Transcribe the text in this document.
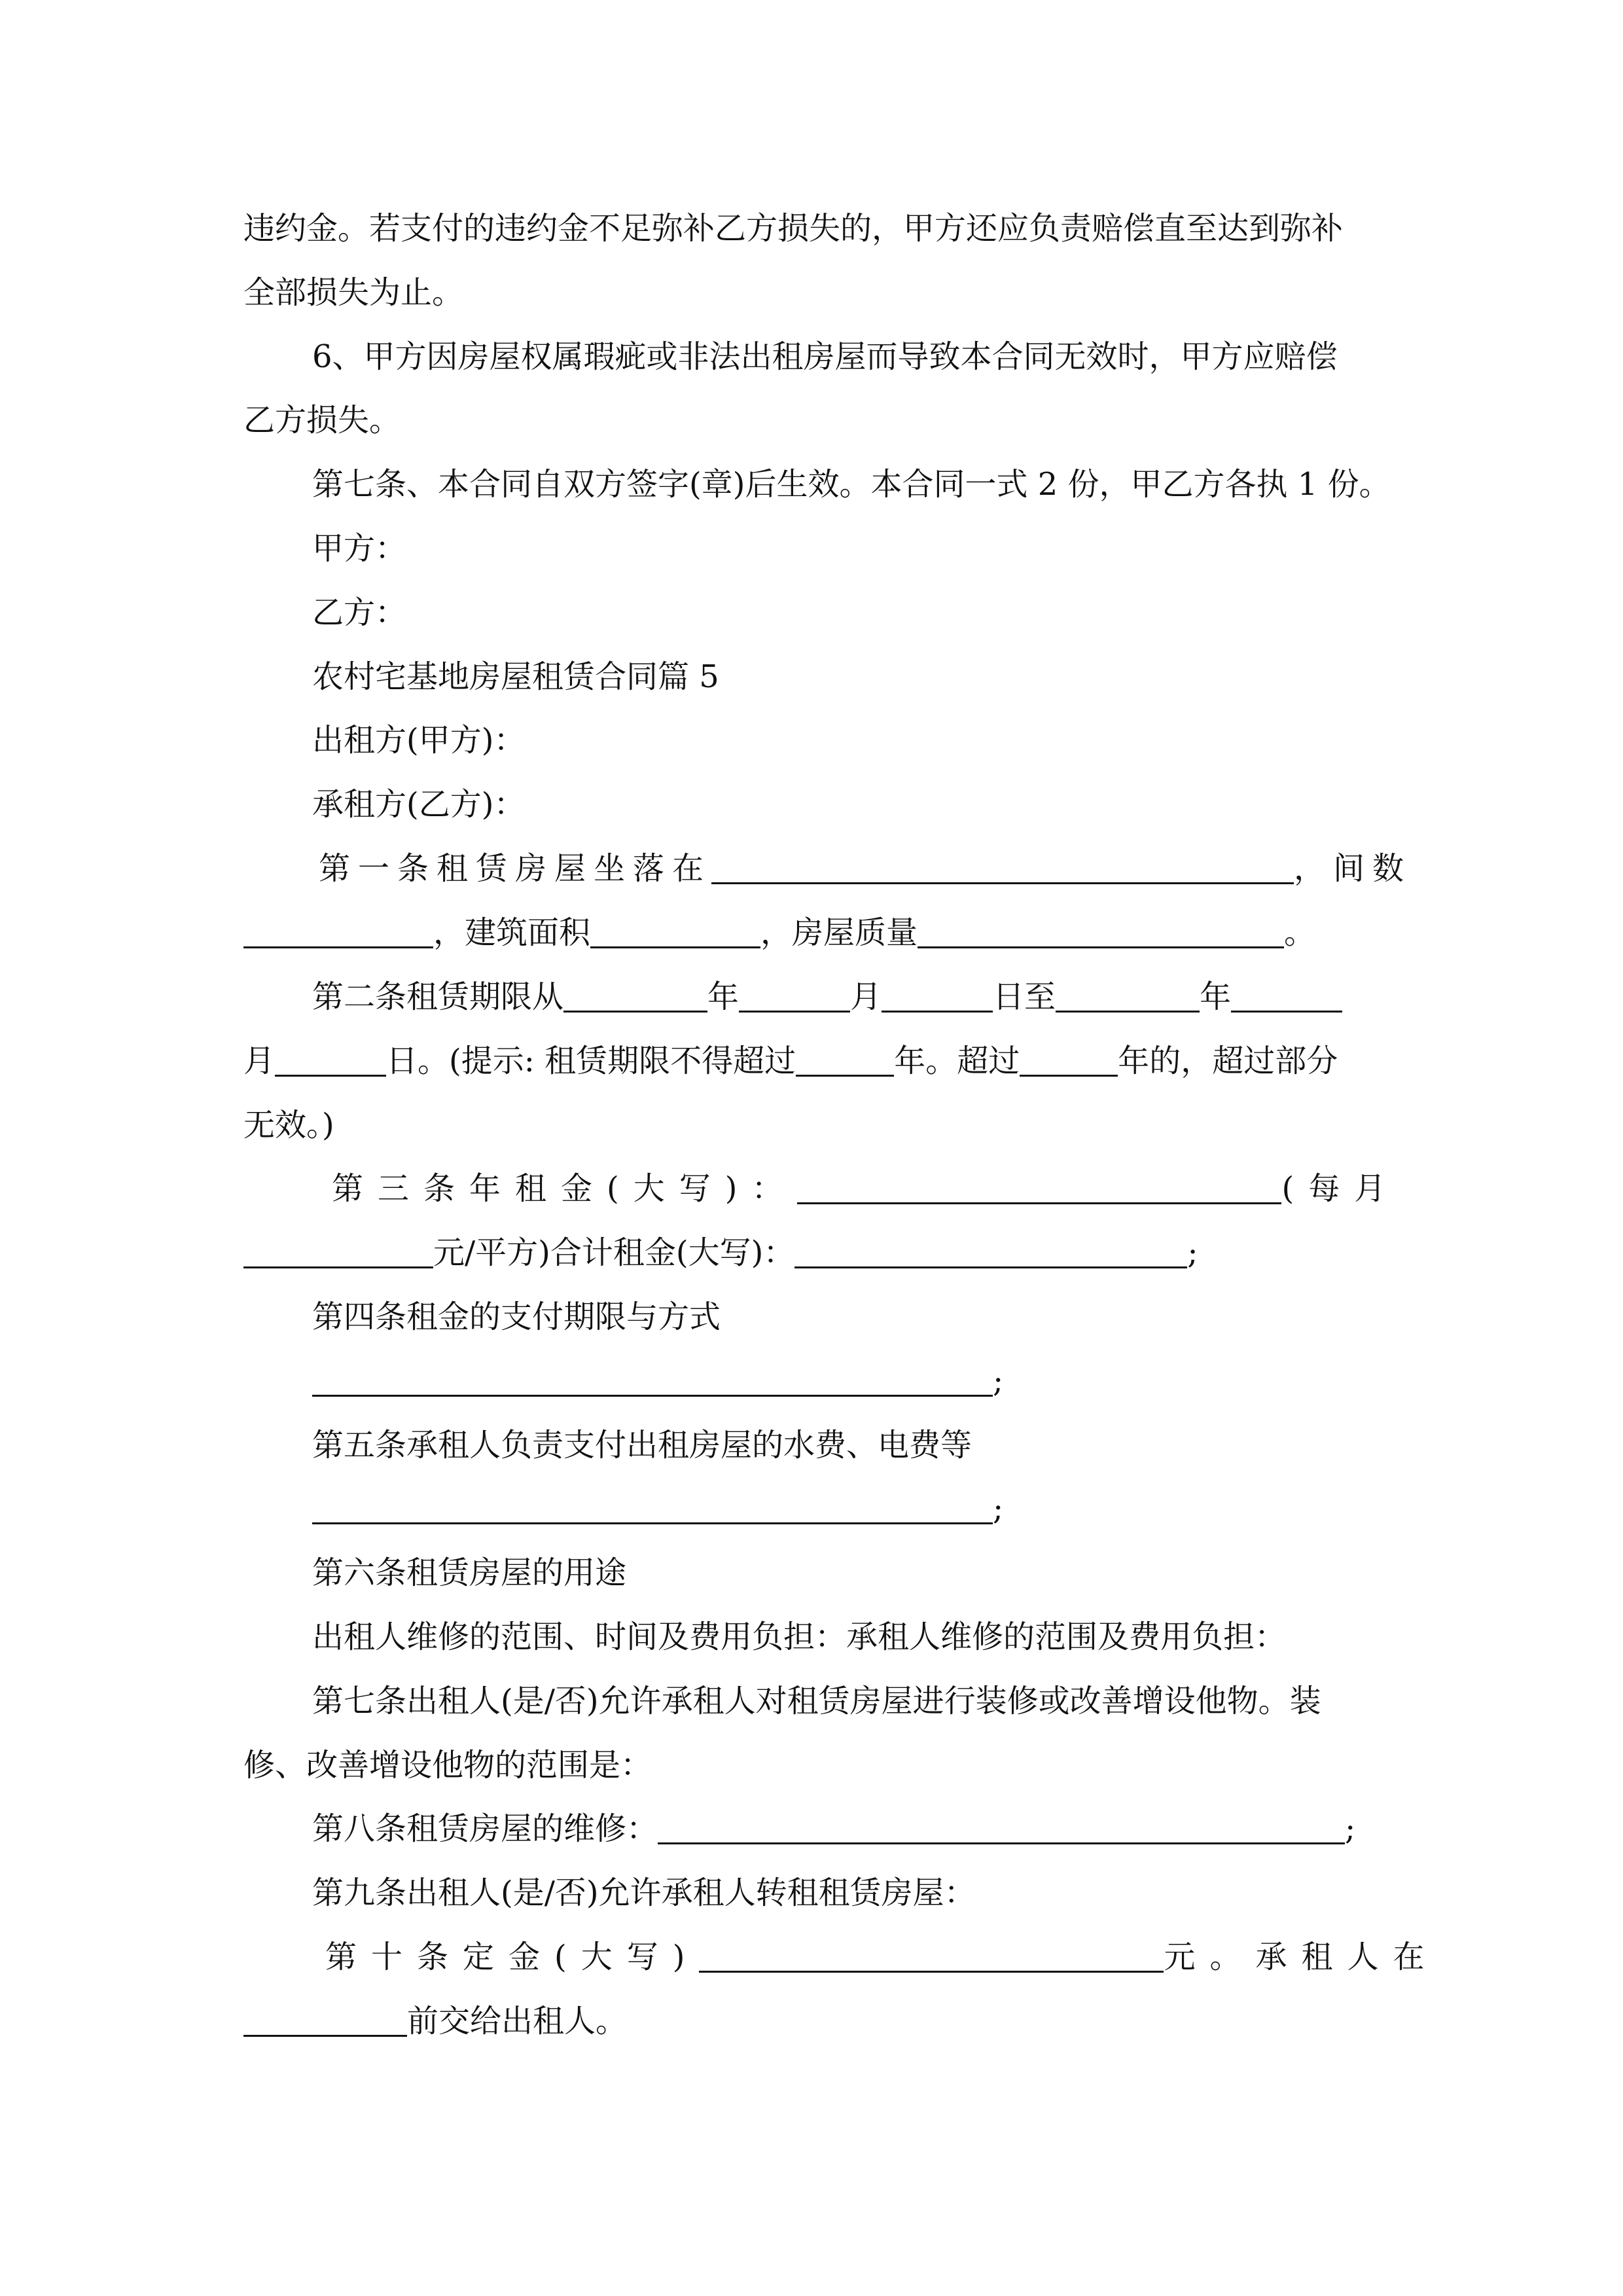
违约金。若支付的违约金不足弥补乙方损失的，甲方还应负责赔偿直至达到弥补
全部损失为止。
6、甲方因房屋权属瑕疵或非法出租房屋而导致本合同无效时，甲方应赔偿
乙方损失。
第七条、本合同自双方签字(章)后生效。本合同一式 2 份，甲乙方各执 1 份。
甲方：
乙方：
农村宅基地房屋租赁合同篇 5
出租方(甲方)：
承租方(乙方)：
第一条租赁房屋坐落在	，间数
，建筑面积	，房屋质量	。
第二条租赁期限从	年	月	日至	年
月	日。(提示: 租赁期限不得超过	年。超过	年的，超过部分
无效。)
第三条年租金(大写)：	(每月
元/平方)合计租金(大写)：	;
第四条租金的支付期限与方式
;
第五条承租人负责支付出租房屋的水费、电费等
;
第六条租赁房屋的用途
出租人维修的范围、时间及费用负担：承租人维修的范围及费用负担：
第七条出租人(是/否)允许承租人对租赁房屋进行装修或改善增设他物。装
修、改善增设他物的范围是：
第八条租赁房屋的维修：	;
第九条出租人(是/否)允许承租人转租租赁房屋：
第十条定金(大写)	元。承租人在
前交给出租人。
